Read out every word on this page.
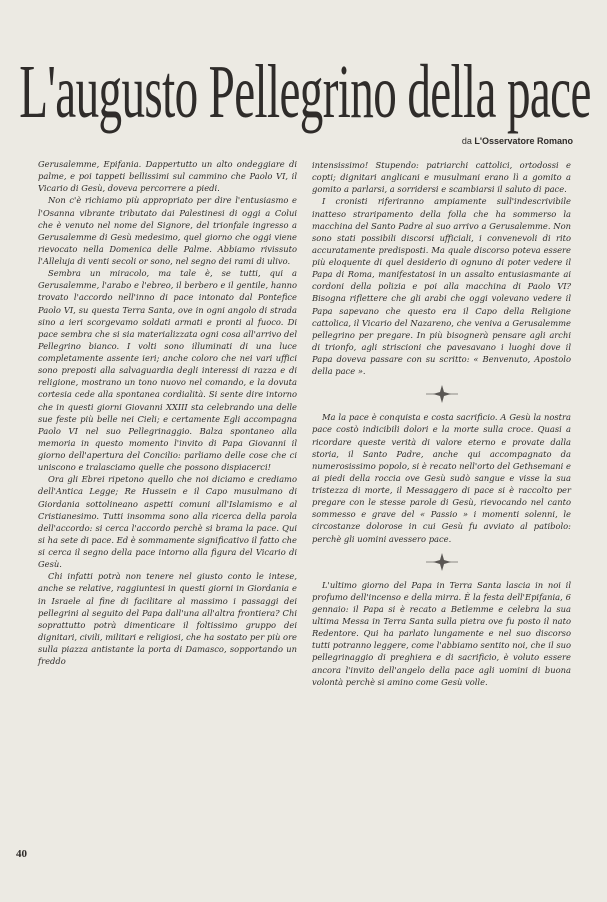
L'augusto Pellegrino della pace
da L'Osservatore Romano

Gerusalemme, Epifania. Dappertutto un alto ondeggiare di palme, e poi tappeti bellissimi sul cammino che Paolo VI, il Vicario di Gesù, doveva percorrere a piedi.

Non c'è richiamo più appropriato per dire l'entusiasmo e l'Osanna vibrante tributato dai Palestinesi di oggi a Colui che è venuto nel nome del Signore, del trionfale ingresso a Gerusalemme di Gesù medesimo, quel giorno che oggi viene rievocato nella Domenica delle Palme. Abbiamo rivissuto l'Alleluja di venti secoli or sono, nel segno dei rami di ulivo.

Sembra un miracolo, ma tale è, se tutti, qui a Gerusalemme, l'arabo e l'ebreo, il berbero e il gentile, hanno trovato l'accordo nell'inno di pace intonato dal Pontefice Paolo VI, su questa Terra Santa, ove in ogni angolo di strada sino a ieri scorgevamo soldati armati e pronti al fuoco. Di pace sembra che si sia materializzata ogni cosa all'arrivo del Pellegrino bianco. I volti sono illuminati di una luce completamente assente ieri; anche coloro che nei vari uffici sono preposti alla salvaguardia degli interessi di razza e di religione, mostrano un tono nuovo nel comando, e la dovuta cortesia cede alla spontanea cordialità. Si sente dire intorno che in questi giorni Giovanni XXIII sta celebrando una delle sue feste più belle nei Cieli; e certamente Egli accompagna Paolo VI nel suo Pellegrinaggio. Balza spontaneo alla memoria in questo momento l'invito di Papa Giovanni il giorno dell'apertura del Concilio: parliamo delle cose che ci uniscono e tralasciamo quelle che possono dispiacerci!

Ora gli Ebrei ripetono quello che noi diciamo e crediamo dell'Antica Legge; Re Hussein e il Capo musulmano di Giordania sottolineano aspetti comuni all'Islamismo e al Cristianesimo. Tutti insomma sono alla ricerca della parola dell'accordo: si cerca l'accordo perchè si brama la pace. Qui si ha sete di pace. Ed è sommamente significativo il fatto che si cerca il segno della pace intorno alla figura del Vicario di Gesù.

Chi infatti potrà non tenere nel giusto conto le intese, anche se relative, raggiuntesi in questi giorni in Giordania e in Israele al fine di facilitare al massimo i passaggi dei pellegrini al seguito del Papa dall'una all'altra frontiera? Chi soprattutto potrà dimenticare il foltissimo gruppo dei dignitari, civili, militari e religiosi, che ha sostato per più ore sulla piazza antistante la porta di Damasco, sopportando un freddo

intensissimo! Stupendo: patriarchi cattolici, ortodossi e copti; dignitari anglicani e musulmani erano lì a gomito a gomito a parlarsi, a sorridersi e scambiarsi il saluto di pace.

I cronisti riferiranno ampiamente sull'indescrivibile inatteso straripamento della folla che ha sommerso la macchina del Santo Padre al suo arrivo a Gerusalemme. Non sono stati possibili discorsi ufficiali, i convenevoli di rito accuratamente predisposti. Ma quale discorso poteva essere più eloquente di quel desiderio di ognuno di poter vedere il Papa di Roma, manifestatosi in un assalto entusiasmante ai cordoni della polizia e poi alla macchina di Paolo VI? Bisogna riflettere che gli arabi che oggi volevano vedere il Papa sapevano che questo era il Capo della Religione cattolica, il Vicario del Nazareno, che veniva a Gerusalemme pellegrino per pregare. In più bisognerà pensare agli archi di trionfo, agli striscioni che pavesavano i luoghi dove il Papa doveva passare con su scritto: « Benvenuto, Apostolo della pace ».

Ma la pace è conquista e costa sacrificio. A Gesù la nostra pace costò indicibili dolori e la morte sulla croce. Quasi a ricordare queste verità di valore eterno e provate dalla storia, il Santo Padre, anche qui accompagnato da numerosissimo popolo, si è recato nell'orto del Gethsemani e ai piedi della roccia ove Gesù sudò sangue e visse la sua tristezza di morte, il Messaggero di pace si è raccolto per pregare con le stesse parole di Gesù, rievocando nel canto sommesso e grave del « Passio » i momenti solenni, le circostanze dolorose in cui Gesù fu avviato al patibolo: perchè gli uomini avessero pace.

L'ultimo giorno del Papa in Terra Santa lascia in noi il profumo dell'incenso e della mirra. È la festa dell'Epifania, 6 gennaio: il Papa si è recato a Betlemme e celebra la sua ultima Messa in Terra Santa sulla pietra ove fu posto il nato Redentore. Qui ha parlato lungamente e nel suo discorso tutti potranno leggere, come l'abbiamo sentito noi, che il suo pellegrinaggio di preghiera e di sacrificio, è voluto essere ancora l'invito dell'angelo della pace agli uomini di buona volontà perchè si amino come Gesù volle.

40
